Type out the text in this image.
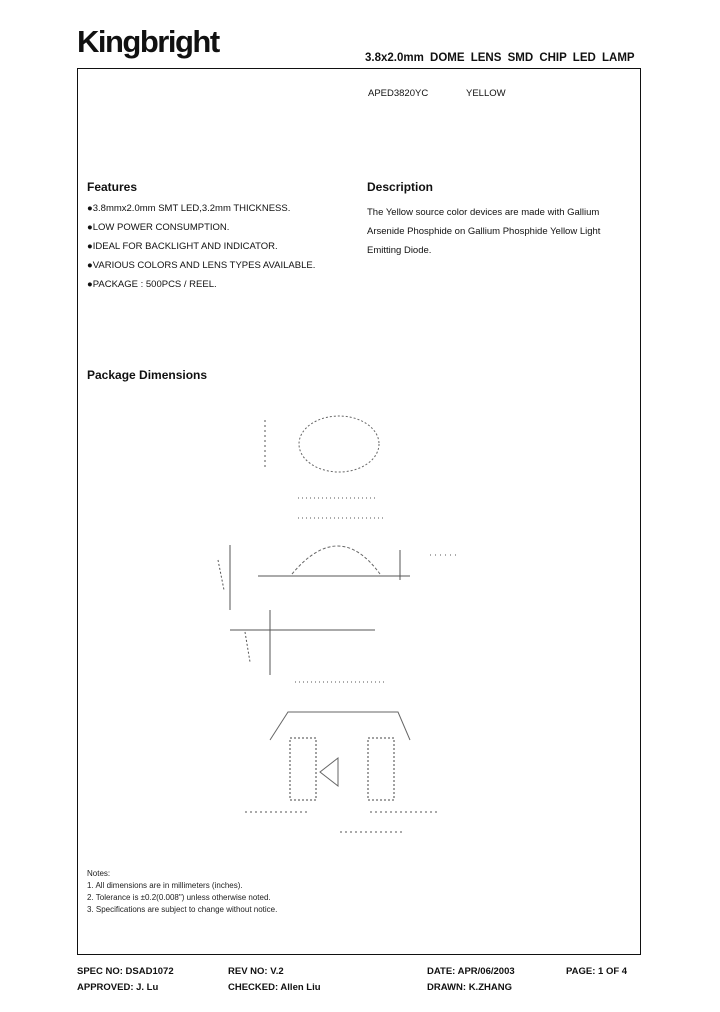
Kingbright	3.8x2.0mm DOME LENS SMD CHIP LED LAMP
APED3820YC	YELLOW
Features
●3.8mmx2.0mm SMT LED,3.2mm THICKNESS.
●LOW POWER CONSUMPTION.
●IDEAL FOR BACKLIGHT AND INDICATOR.
●VARIOUS COLORS AND LENS TYPES AVAILABLE.
●PACKAGE : 500PCS / REEL.
Description
The Yellow source color devices are made with Gallium
Arsenide Phosphide on Gallium Phosphide Yellow Light
Emitting Diode.
Package Dimensions
Notes:
1. All dimensions are in millimeters (inches).
2. Tolerance is ±0.2(0.008") unless otherwise noted.
3. Specifications are subject to change without notice.
SPEC NO: DSAD1072	REV NO: V.2	DATE: APR/06/2003	PAGE: 1 OF 4
APPROVED: J. Lu	CHECKED: Allen Liu	DRAWN: K.ZHANG
